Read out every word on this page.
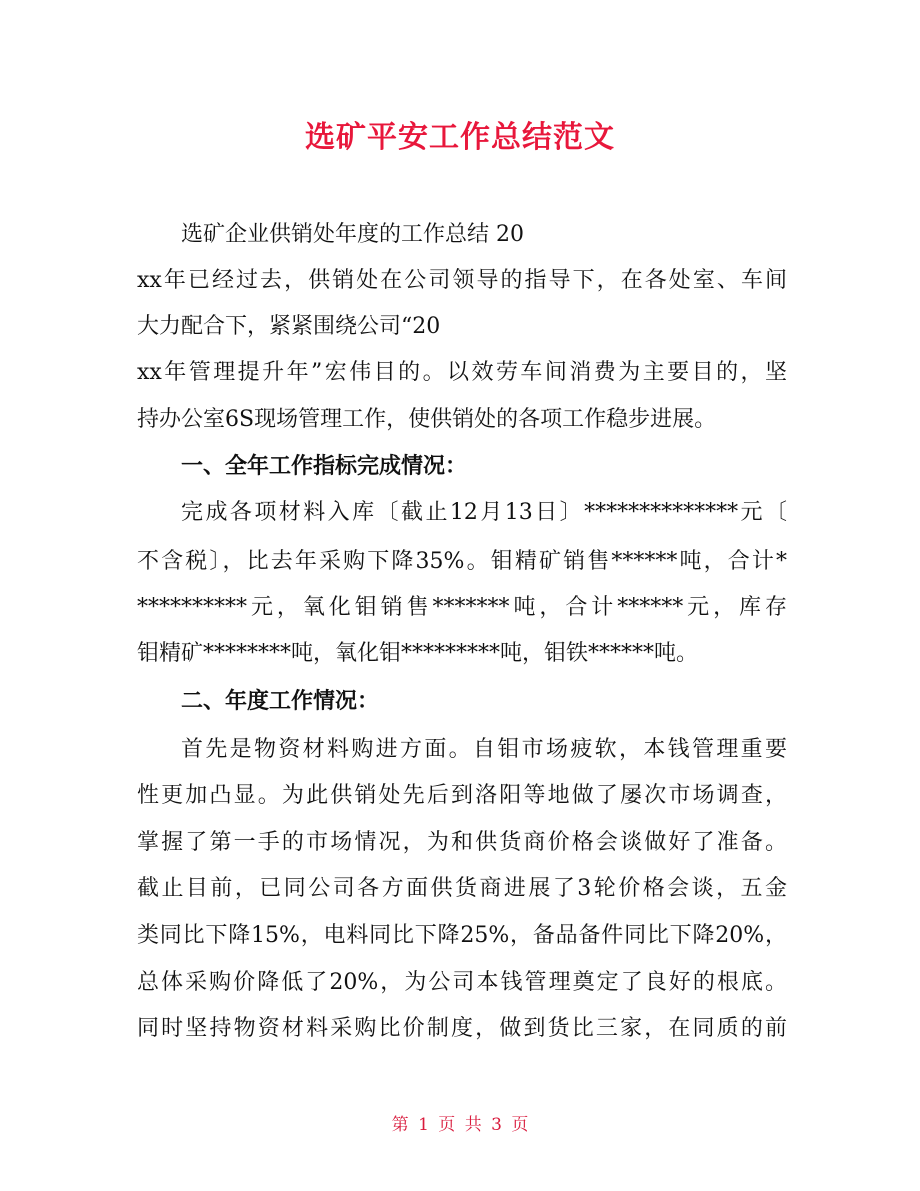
选矿平安工作总结范文
选矿企业供销处年度的工作总结 20
xx年已经过去，供销处在公司领导的指导下，在各处室、车间
大力配合下，紧紧围绕公司“20
xx年管理提升年”宏伟目的。以效劳车间消费为主要目的，坚
持办公室6S现场管理工作，使供销处的各项工作稳步进展。
一、全年工作指标完成情况：
完成各项材料入库〔截止12月13日〕**************元〔
不含税〕，比去年采购下降35%。钼精矿销售******吨，合计*
**********元，氧化钼销售*******吨，合计******元，库存
钼精矿********吨，氧化钼*********吨，钼铁******吨。
二、年度工作情况：
首先是物资材料购进方面。自钼市场疲软，本钱管理重要
性更加凸显。为此供销处先后到洛阳等地做了屡次市场调查，
掌握了第一手的市场情况，为和供货商价格会谈做好了准备。
截止目前，已同公司各方面供货商进展了3轮价格会谈，五金
类同比下降15%，电料同比下降25%，备品备件同比下降20%，
总体采购价降低了20%，为公司本钱管理奠定了良好的根底。
同时坚持物资材料采购比价制度，做到货比三家，在同质的前
第 1 页 共 3 页
